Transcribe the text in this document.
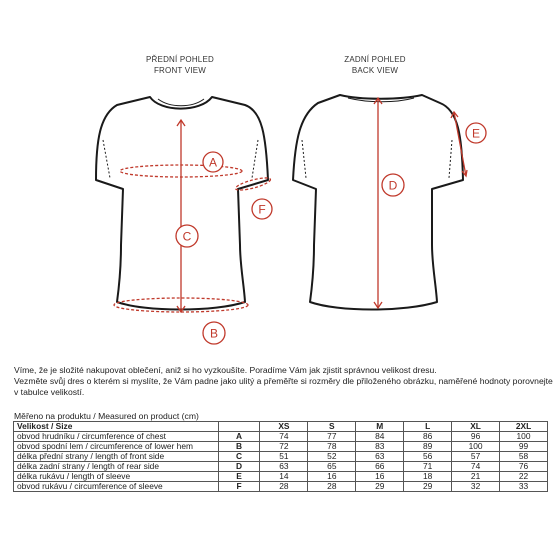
PŘEDNÍ POHLED
FRONT VIEW
ZADNÍ POHLED
BACK VIEW
A
B
C
D
E
F

Víme, že je složité nakupovat oblečení, aniž si ho vyzkoušíte. Poradíme Vám jak zjistit správnou velikost dresu.

Vezměte svůj dres o kterém si myslíte, že Vám padne jako ulitý a přeměřte si rozměry dle přiloženého obrázku, naměřené hodnoty porovnejte v tabulce velikostí.

Měřeno na produktu / Measured on product (cm)
Velikost / Size		XS	S	M	L	XL	2XL
obvod hrudníku / circumference of chest	A	74	77	84	86	96	100
obvod spodní lem / circumference of lower hem	B	72	78	83	89	100	99
délka přední strany / length of front side	C	51	52	63	56	57	58
délka zadní strany / length of rear side	D	63	65	66	71	74	76
délka rukávu / length of sleeve	E	14	16	16	18	21	22
obvod rukávu / circumference of sleeve	F	28	28	29	29	32	33
